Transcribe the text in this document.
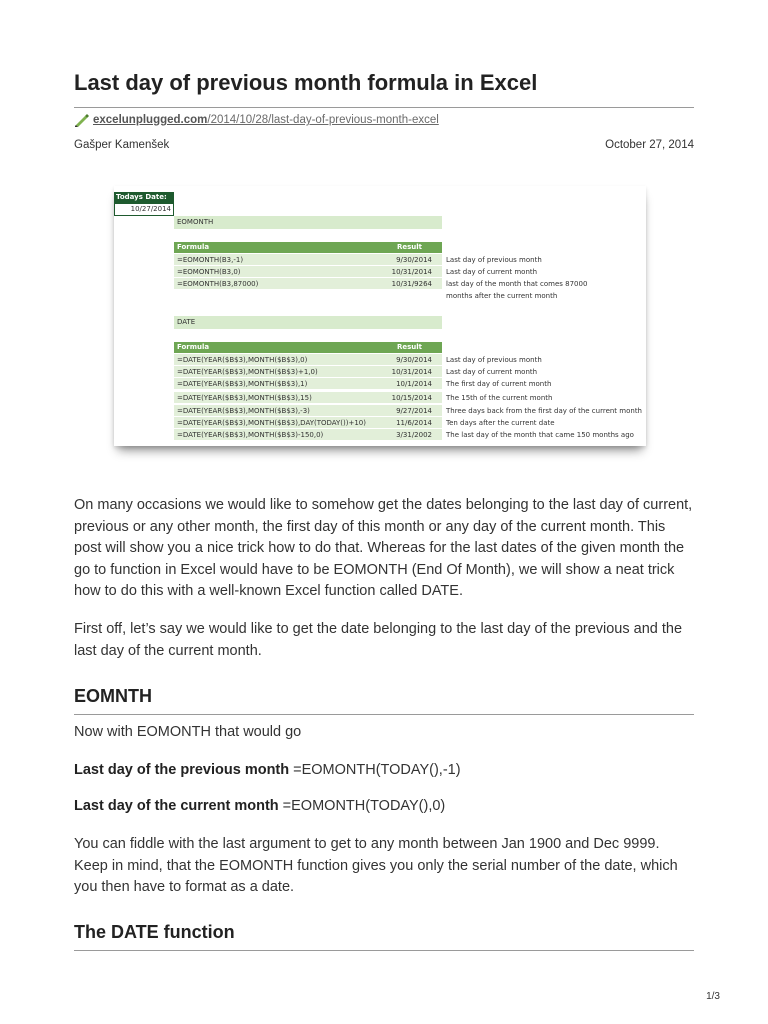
Last day of previous month formula in Excel
excelunplugged.com /2014/10/28/last-day-of-previous-month-excel
Gašper Kamenšek	October 27, 2014
Todays Date:
10/27/2014
EOMONTH
Formula	Result
=EOMONTH(B3,-1)	9/30/2014 Last day of previous month
=EOMONTH(B3,0)	10/31/2014 Last day of current month
=EOMONTH(B3,87000)	10/31/9264 last day of the month that comes 87000
months after the current month
DATE
Formula	Result
=DATE(YEAR($B$3),MONTH($B$3),0)	9/30/2014 Last day of previous month
=DATE(YEAR($B$3),MONTH($B$3)+1,0)	10/31/2014 Last day of current month
=DATE(YEAR($B$3),MONTH($B$3),1)	10/1/2014 The first day of current month
=DATE(YEAR($B$3),MONTH($B$3),15)	10/15/2014 The 15th of the current month
=DATE(YEAR($B$3),MONTH($B$3),-3)	9/27/2014 Three days back from the first day of the current month
=DATE(YEAR($B$3),MONTH($B$3),DAY(TODAY())+10)	11/6/2014 Ten days after the current date
=DATE(YEAR($B$3),MONTH($B$3)-150,0)	3/31/2002 The last day of the month that came 150 months ago

On many occasions we would like to somehow get the dates belonging to the last day of current, previous or any other month, the first day of this month or any day of the current month. This post will show you a nice trick how to do that. Whereas for the last dates of the given month the go to function in Excel would have to be EOMONTH (End Of Month), we will show a neat trick how to do this with a well-known Excel function called DATE.

First off, let’s say we would like to get the date belonging to the last day of the previous and the last day of the current month.

EOMNTH

Now with EOMONTH that would go

Last day of the previous month =EOMONTH(TODAY(),-1)
Last day of the current month =EOMONTH(TODAY(),0)

You can fiddle with the last argument to get to any month between Jan 1900 and Dec 9999. Keep in mind, that the EOMONTH function gives you only the serial number of the date, which you then have to format as a date.

The DATE function
1/3
